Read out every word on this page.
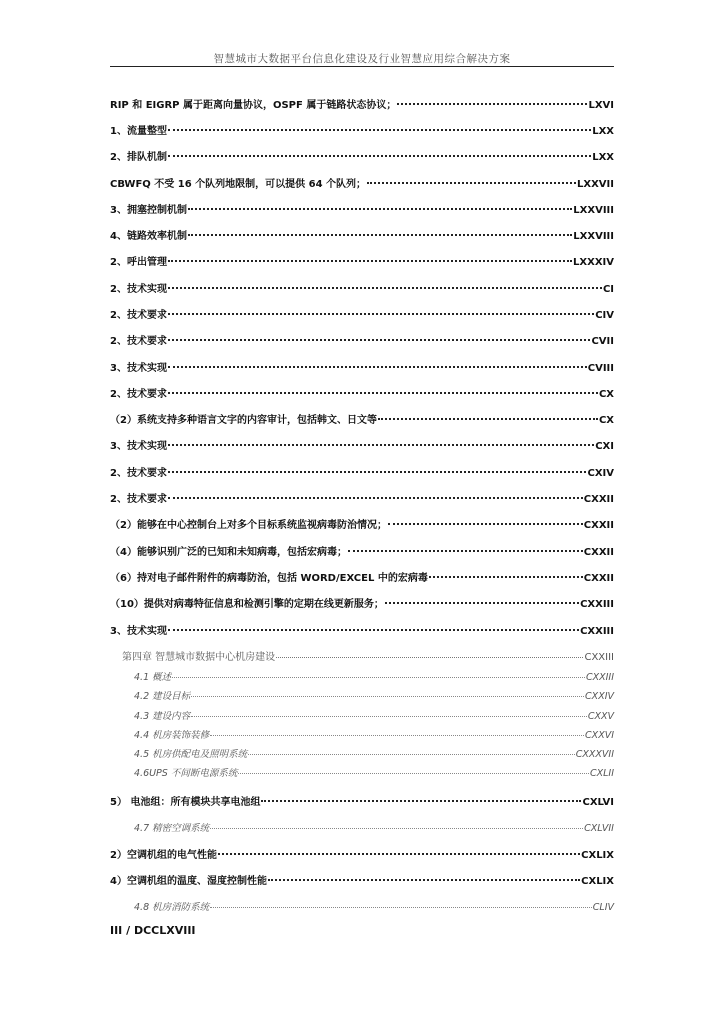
智慧城市大数据平台信息化建设及行业智慧应用综合解决方案
RIP 和 EIGRP 属于距离向量协议，OSPF 属于链路状态协议；	LXVI
1、流量整型	LXX
2、排队机制	LXX
CBWFQ 不受 16 个队列地限制，可以提供 64 个队列；	LXXVII
3、拥塞控制机制	LXXVIII
4、链路效率机制	LXXVIII
2、呼出管理	LXXXIV
2、技术实现	CI
2、技术要求	CIV
2、技术要求	CVII
3、技术实现	CVIII
2、技术要求	CX
（2）系统支持多种语言文字的内容审计，包括韩文、日文等	CX
3、技术实现	CXI
2、技术要求	CXIV
2、技术要求	CXXII
（2）能够在中心控制台上对多个目标系统监视病毒防治情况；	CXXII
（4）能够识别广泛的已知和未知病毒，包括宏病毒；	CXXII
（6）持对电子邮件附件的病毒防治，包括 WORD/EXCEL 中的宏病毒	CXXII
（10）提供对病毒特征信息和检测引擎的定期在线更新服务；	CXXIII
3、技术实现	CXXIII
第四章 智慧城市数据中心机房建设	CXXIII
4.1 概述	CXXIII
4.2 建设目标	CXXIV
4.3 建设内容	CXXV
4.4 机房装饰装修	CXXVI
4.5 机房供配电及照明系统	CXXXVII
4.6UPS 不间断电源系统	CXLII
5） 电池组：所有模块共享电池组	CXLVI
4.7 精密空调系统	CXLVII
2）空调机组的电气性能	CXLIX
4）空调机组的温度、湿度控制性能	CXLIX
4.8 机房消防系统	CLIV
III / DCCLXVIII
